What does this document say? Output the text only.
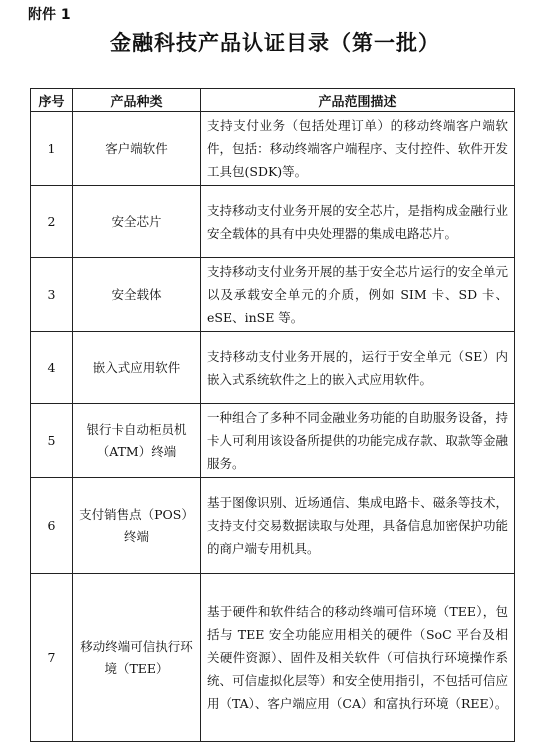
附件 1
金融科技产品认证目录（第一批）
序号	产品种类	产品范围描述
1	客户端软件	支持支付业务（包括处理订单）的移动终端客户端软件，包括：移动终端客户端程序、支付控件、软件开发工具包(SDK)等。
2	安全芯片	支持移动支付业务开展的安全芯片，是指构成金融行业安全载体的具有中央处理器的集成电路芯片。
3	安全载体	支持移动支付业务开展的基于安全芯片运行的安全单元以及承载安全单元的介质，例如 SIM 卡、SD 卡、eSE、inSE 等。
4	嵌入式应用软件	支持移动支付业务开展的，运行于安全单元（SE）内嵌入式系统软件之上的嵌入式应用软件。
5	银行卡自动柜员机（ATM）终端	一种组合了多种不同金融业务功能的自助服务设备，持卡人可利用该设备所提供的功能完成存款、取款等金融服务。
6	支付销售点（POS）终端	基于图像识别、近场通信、集成电路卡、磁条等技术，支持支付交易数据读取与处理，具备信息加密保护功能的商户端专用机具。
7	移动终端可信执行环境（TEE）	基于硬件和软件结合的移动终端可信环境（TEE），包括与 TEE 安全功能应用相关的硬件（SoC 平台及相关硬件资源）、固件及相关软件（可信执行环境操作系统、可信虚拟化层等）和安全使用指引，不包括可信应用（TA）、客户端应用（CA）和富执行环境（REE）。
